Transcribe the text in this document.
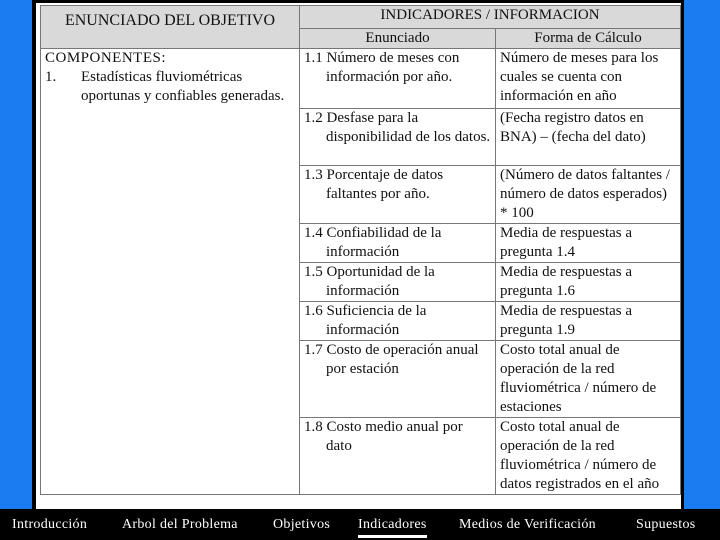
ENUNCIADO DEL OBJETIVO	INDICADORES / INFORMACION	
	Enunciado	Forma de Cálculo

COMPONENTES:
1. Estadísticas fluviométricas oportunas y confiables generadas.	1.1 Número de meses con información por año.	Número de meses para los cuales se cuenta con información en año

	1.2 Desfase para la disponibilidad de los datos.	(Fecha registro datos en BNA) – (fecha del dato)

	1.3 Porcentaje de datos faltantes por año.	(Número de datos faltantes / número de datos esperados) * 100

	1.4 Confiabilidad de la información	Media de respuestas a pregunta 1.4

	1.5 Oportunidad de la información	Media de respuestas a pregunta 1.6

	1.6 Suficiencia de la información	Media de respuestas a pregunta 1.9

	1.7 Costo de operación anual por estación	Costo total anual de operación de la red fluviométrica / número de estaciones

	1.8 Costo medio anual por dato	Costo total anual de operación de la red fluviométrica / número de datos registrados en el año
Introducción Arbol del Problema	Objetivos Indicadores Medios de Verificación	Supuestos
